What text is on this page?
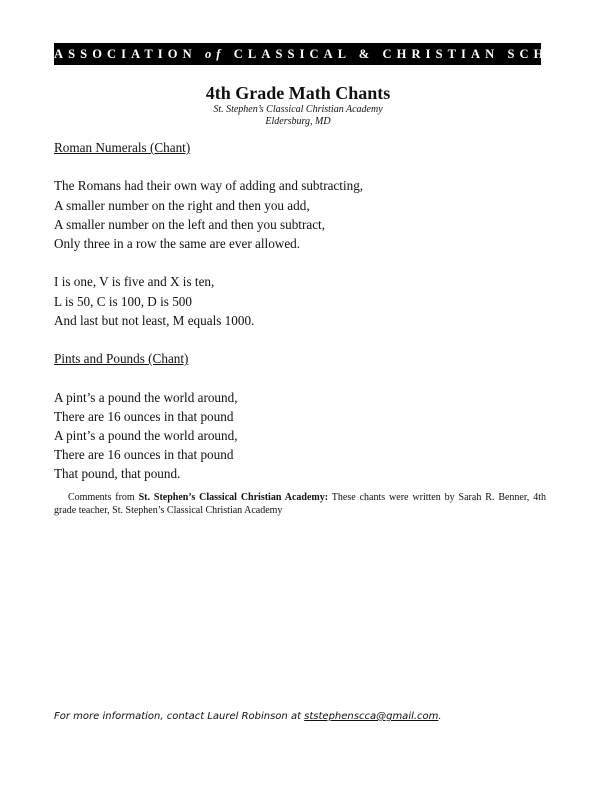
ASSOCIATION of CLASSICAL & CHRISTIAN SCHOOLS

4th Grade Math Chants

St. Stephen’s Classical Christian Academy

Eldersburg, MD

Roman Numerals (Chant)

The Romans had their own way of adding and subtracting,
A smaller number on the right and then you add,
A smaller number on the left and then you subtract,
Only three in a row the same are ever allowed.
I is one, V is five and X is ten,
L is 50, C is 100, D is 500
And last but not least, M equals 1000.

Pints and Pounds (Chant)

A pint’s a pound the world around,
There are 16 ounces in that pound
A pint’s a pound the world around,
There are 16 ounces in that pound
That pound, that pound.
Comments from St. Stephen’s Classical Christian Academy: These chants were written by Sarah R. Benner, 4th grade teacher, St. Stephen’s Classical Christian Academy
For more information, contact Laurel Robinson at ststephenscca@gmail.com.
